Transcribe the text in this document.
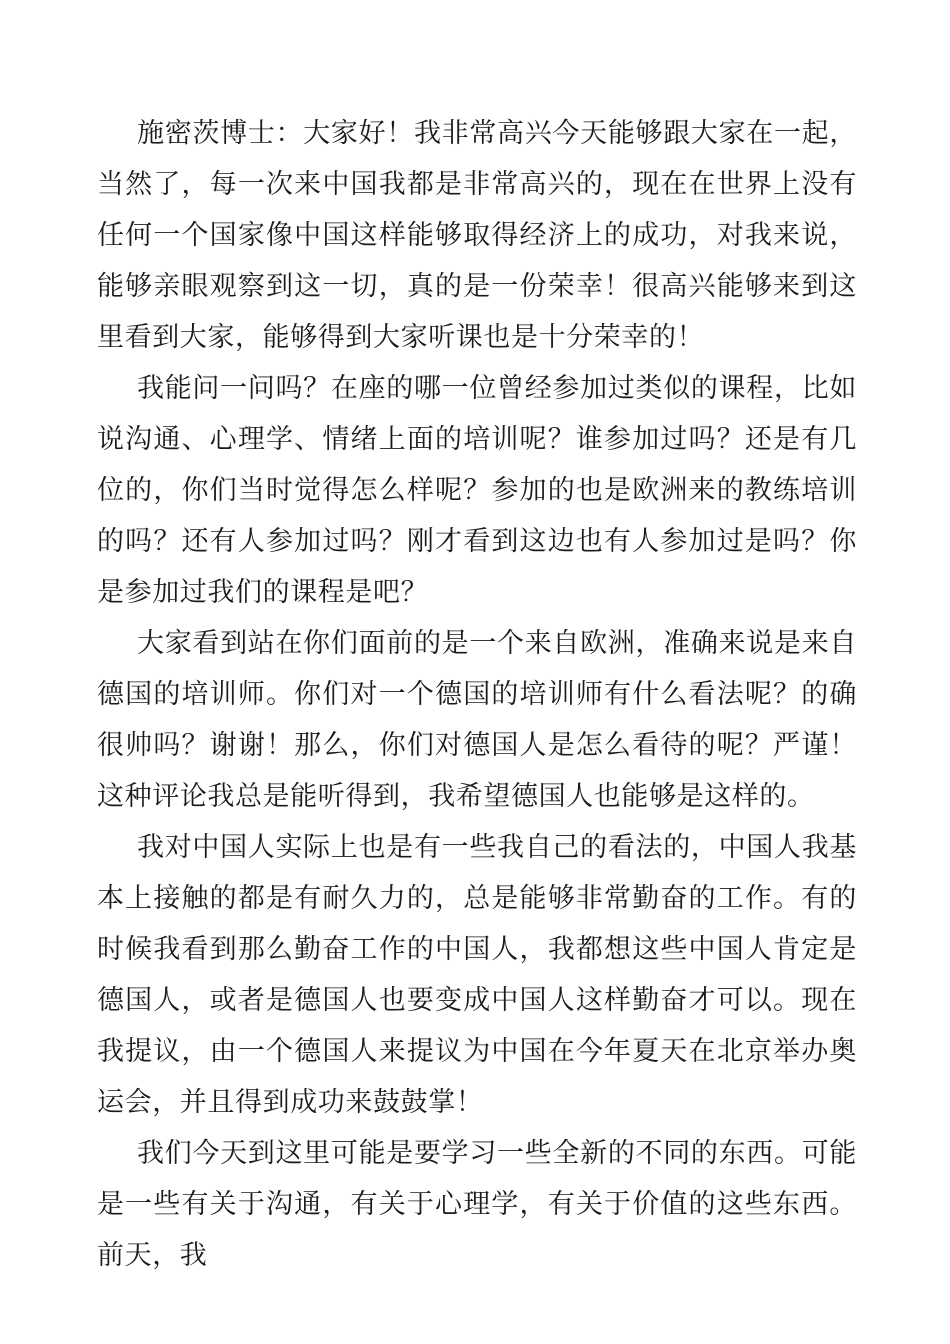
施密茨博士：大家好！我非常高兴今天能够跟大家在一起，当然了，每一次来中国我都是非常高兴的，现在在世界上没有任何一个国家像中国这样能够取得经济上的成功，对我来说，能够亲眼观察到这一切，真的是一份荣幸！很高兴能够来到这里看到大家，能够得到大家听课也是十分荣幸的！

我能问一问吗？在座的哪一位曾经参加过类似的课程，比如说沟通、心理学、情绪上面的培训呢？谁参加过吗？还是有几位的，你们当时觉得怎么样呢？参加的也是欧洲来的教练培训的吗？还有人参加过吗？刚才看到这边也有人参加过是吗？你是参加过我们的课程是吧？

大家看到站在你们面前的是一个来自欧洲，准确来说是来自德国的培训师。你们对一个德国的培训师有什么看法呢？的确很帅吗？谢谢！那么，你们对德国人是怎么看待的呢？严谨！这种评论我总是能听得到，我希望德国人也能够是这样的。

我对中国人实际上也是有一些我自己的看法的，中国人我基本上接触的都是有耐久力的，总是能够非常勤奋的工作。有的时候我看到那么勤奋工作的中国人，我都想这些中国人肯定是德国人，或者是德国人也要变成中国人这样勤奋才可以。现在我提议，由一个德国人来提议为中国在今年夏天在北京举办奥运会，并且得到成功来鼓鼓掌！

我们今天到这里可能是要学习一些全新的不同的东西。可能是一些有关于沟通，有关于心理学，有关于价值的这些东西。前天，我
